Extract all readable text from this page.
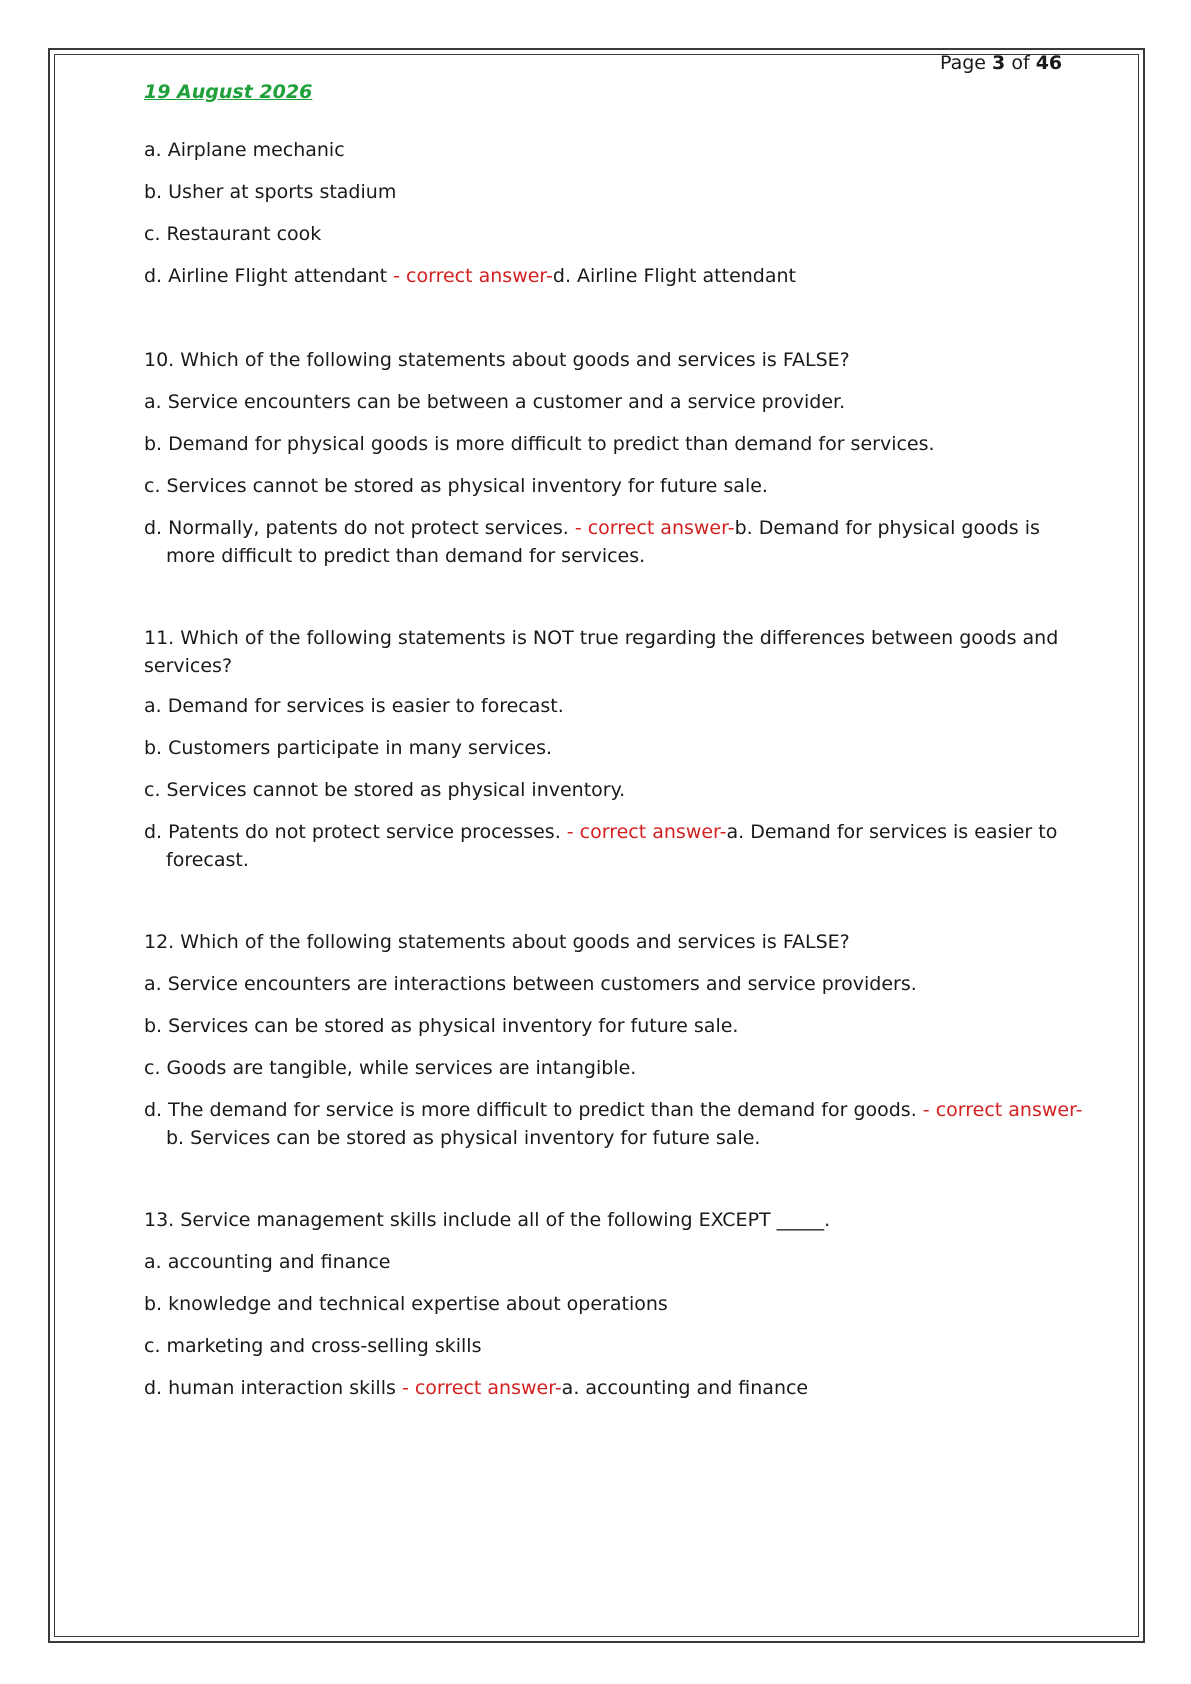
Page 3 of 46
19 August 2026
a. Airplane mechanic
b. Usher at sports stadium
c. Restaurant cook
d. Airline Flight attendant - correct answer-d. Airline Flight attendant
10. Which of the following statements about goods and services is FALSE?
a. Service encounters can be between a customer and a service provider.
b. Demand for physical goods is more difficult to predict than demand for services.
c. Services cannot be stored as physical inventory for future sale.
d. Normally, patents do not protect services. - correct answer-b. Demand for physical goods is more difficult to predict than demand for services.
11. Which of the following statements is NOT true regarding the differences between goods and services?
a. Demand for services is easier to forecast.
b. Customers participate in many services.
c. Services cannot be stored as physical inventory.
d. Patents do not protect service processes. - correct answer-a. Demand for services is easier to forecast.
12. Which of the following statements about goods and services is FALSE?
a. Service encounters are interactions between customers and service providers.
b. Services can be stored as physical inventory for future sale.
c. Goods are tangible, while services are intangible.
d. The demand for service is more difficult to predict than the demand for goods. - correct answer-b. Services can be stored as physical inventory for future sale.
13. Service management skills include all of the following EXCEPT _____.
a. accounting and finance
b. knowledge and technical expertise about operations
c. marketing and cross-selling skills
d. human interaction skills - correct answer-a. accounting and finance
